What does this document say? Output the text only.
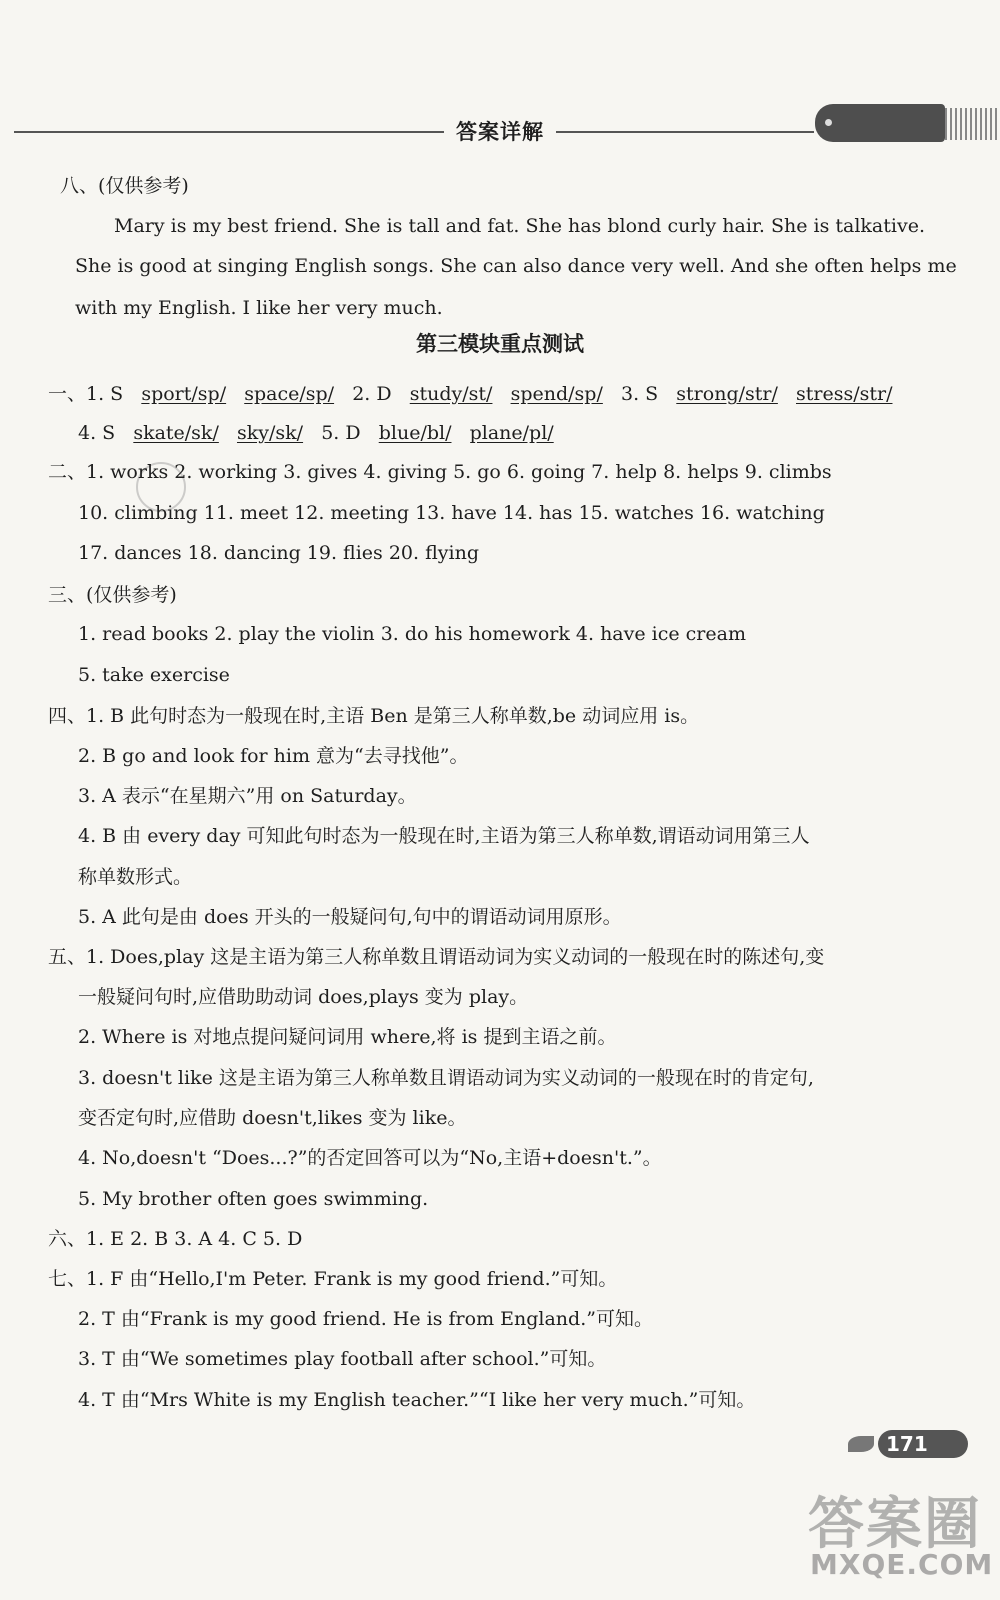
答案详解
八、(仅供参考)
Mary is my best friend. She is tall and fat. She has blond curly hair. She is talkative.
She is good at singing English songs. She can also dance very well. And she often helps me
with my English. I like her very much.
第三模块重点测试
一、1. S sport/sp/ space/sp/ 2. D study/st/ spend/sp/ 3. S strong/str/ stress/str/
4. S skate/sk/ sky/sk/ 5. D blue/bl/ plane/pl/
二、1. works 2. working 3. gives 4. giving 5. go 6. going 7. help 8. helps 9. climbs
10. climbing 11. meet 12. meeting 13. have 14. has 15. watches 16. watching
17. dances 18. dancing 19. flies 20. flying
三、(仅供参考)
1. read books 2. play the violin 3. do his homework 4. have ice cream
5. take exercise
四、1. B 此句时态为一般现在时,主语 Ben 是第三人称单数,be 动词应用 is。
2. B go and look for him 意为“去寻找他”。
3. A 表示“在星期六”用 on Saturday。
4. B 由 every day 可知此句时态为一般现在时,主语为第三人称单数,谓语动词用第三人
称单数形式。
5. A 此句是由 does 开头的一般疑问句,句中的谓语动词用原形。
五、1. Does,play 这是主语为第三人称单数且谓语动词为实义动词的一般现在时的陈述句,变
一般疑问句时,应借助助动词 does,plays 变为 play。
2. Where is 对地点提问疑问词用 where,将 is 提到主语之前。
3. doesn't like 这是主语为第三人称单数且谓语动词为实义动词的一般现在时的肯定句,
变否定句时,应借助 doesn't,likes 变为 like。
4. No,doesn't “Does...?”的否定回答可以为“No,主语+doesn't.”。
5. My brother often goes swimming.
六、1. E 2. B 3. A 4. C 5. D
七、1. F 由“Hello,I'm Peter. Frank is my good friend.”可知。
2. T 由“Frank is my good friend. He is from England.”可知。
3. T 由“We sometimes play football after school.”可知。
4. T 由“Mrs White is my English teacher.”“I like her very much.”可知。
171
答案圈
MXQE.COM
